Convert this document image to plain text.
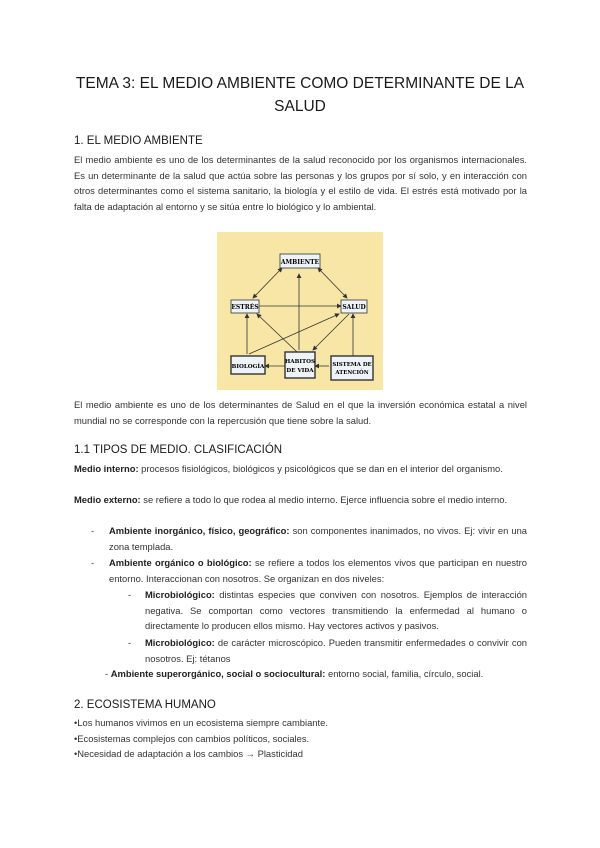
TEMA 3: EL MEDIO AMBIENTE COMO DETERMINANTE DE LA SALUD
1. EL MEDIO AMBIENTE

El medio ambiente es uno de los determinantes de la salud reconocido por los organismos internacionales. Es un determinante de la salud que actúa sobre las personas y los grupos por sí solo, y en interacción con otros determinantes como el sistema sanitario, la biología y el estilo de vida. El estrés está motivado por la falta de adaptación al entorno y se sitúa entre lo biológico y lo ambiental.

AMBIENTE
ESTRÉS	SALUD
BIOLOGÍA
HABITOS
DE VIDA
SISTEMA DE
ATENCIÓN

El medio ambiente es uno de los determinantes de Salud en el que la inversión económica estatal a nivel mundial no se corresponde con la repercusión que tiene sobre la salud.

1.1 TIPOS DE MEDIO. CLASIFICACIÓN

Medio interno: procesos fisiológicos, biológicos y psicológicos que se dan en el interior del organismo.

Medio externo: se refiere a todo lo que rodea al medio interno. Ejerce influencia sobre el medio interno.

- Ambiente inorgánico, físico, geográfico: son componentes inanimados, no vivos. Ej: vivir en una zona templada.

- Ambiente orgánico o biológico: se refiere a todos los elementos vivos que participan en nuestro entorno. Interaccionan con nosotros. Se organizan en dos niveles:

- Microbiológico: distintas especies que conviven con nosotros. Ejemplos de interacción negativa. Se comportan como vectores transmitiendo la enfermedad al humano o directamente lo producen ellos mismo. Hay vectores activos y pasivos.

- Microbiológico: de carácter microscópico. Pueden transmitir enfermedades o convivir con nosotros. Ej: tétanos

- Ambiente superorgánico, social o sociocultural: entorno social, familia, círculo, social.

2. ECOSISTEMA HUMANO

•Los humanos vivimos en un ecosistema siempre cambiante.
•Ecosistemas complejos con cambios políticos, sociales.
•Necesidad de adaptación a los cambios → Plasticidad
